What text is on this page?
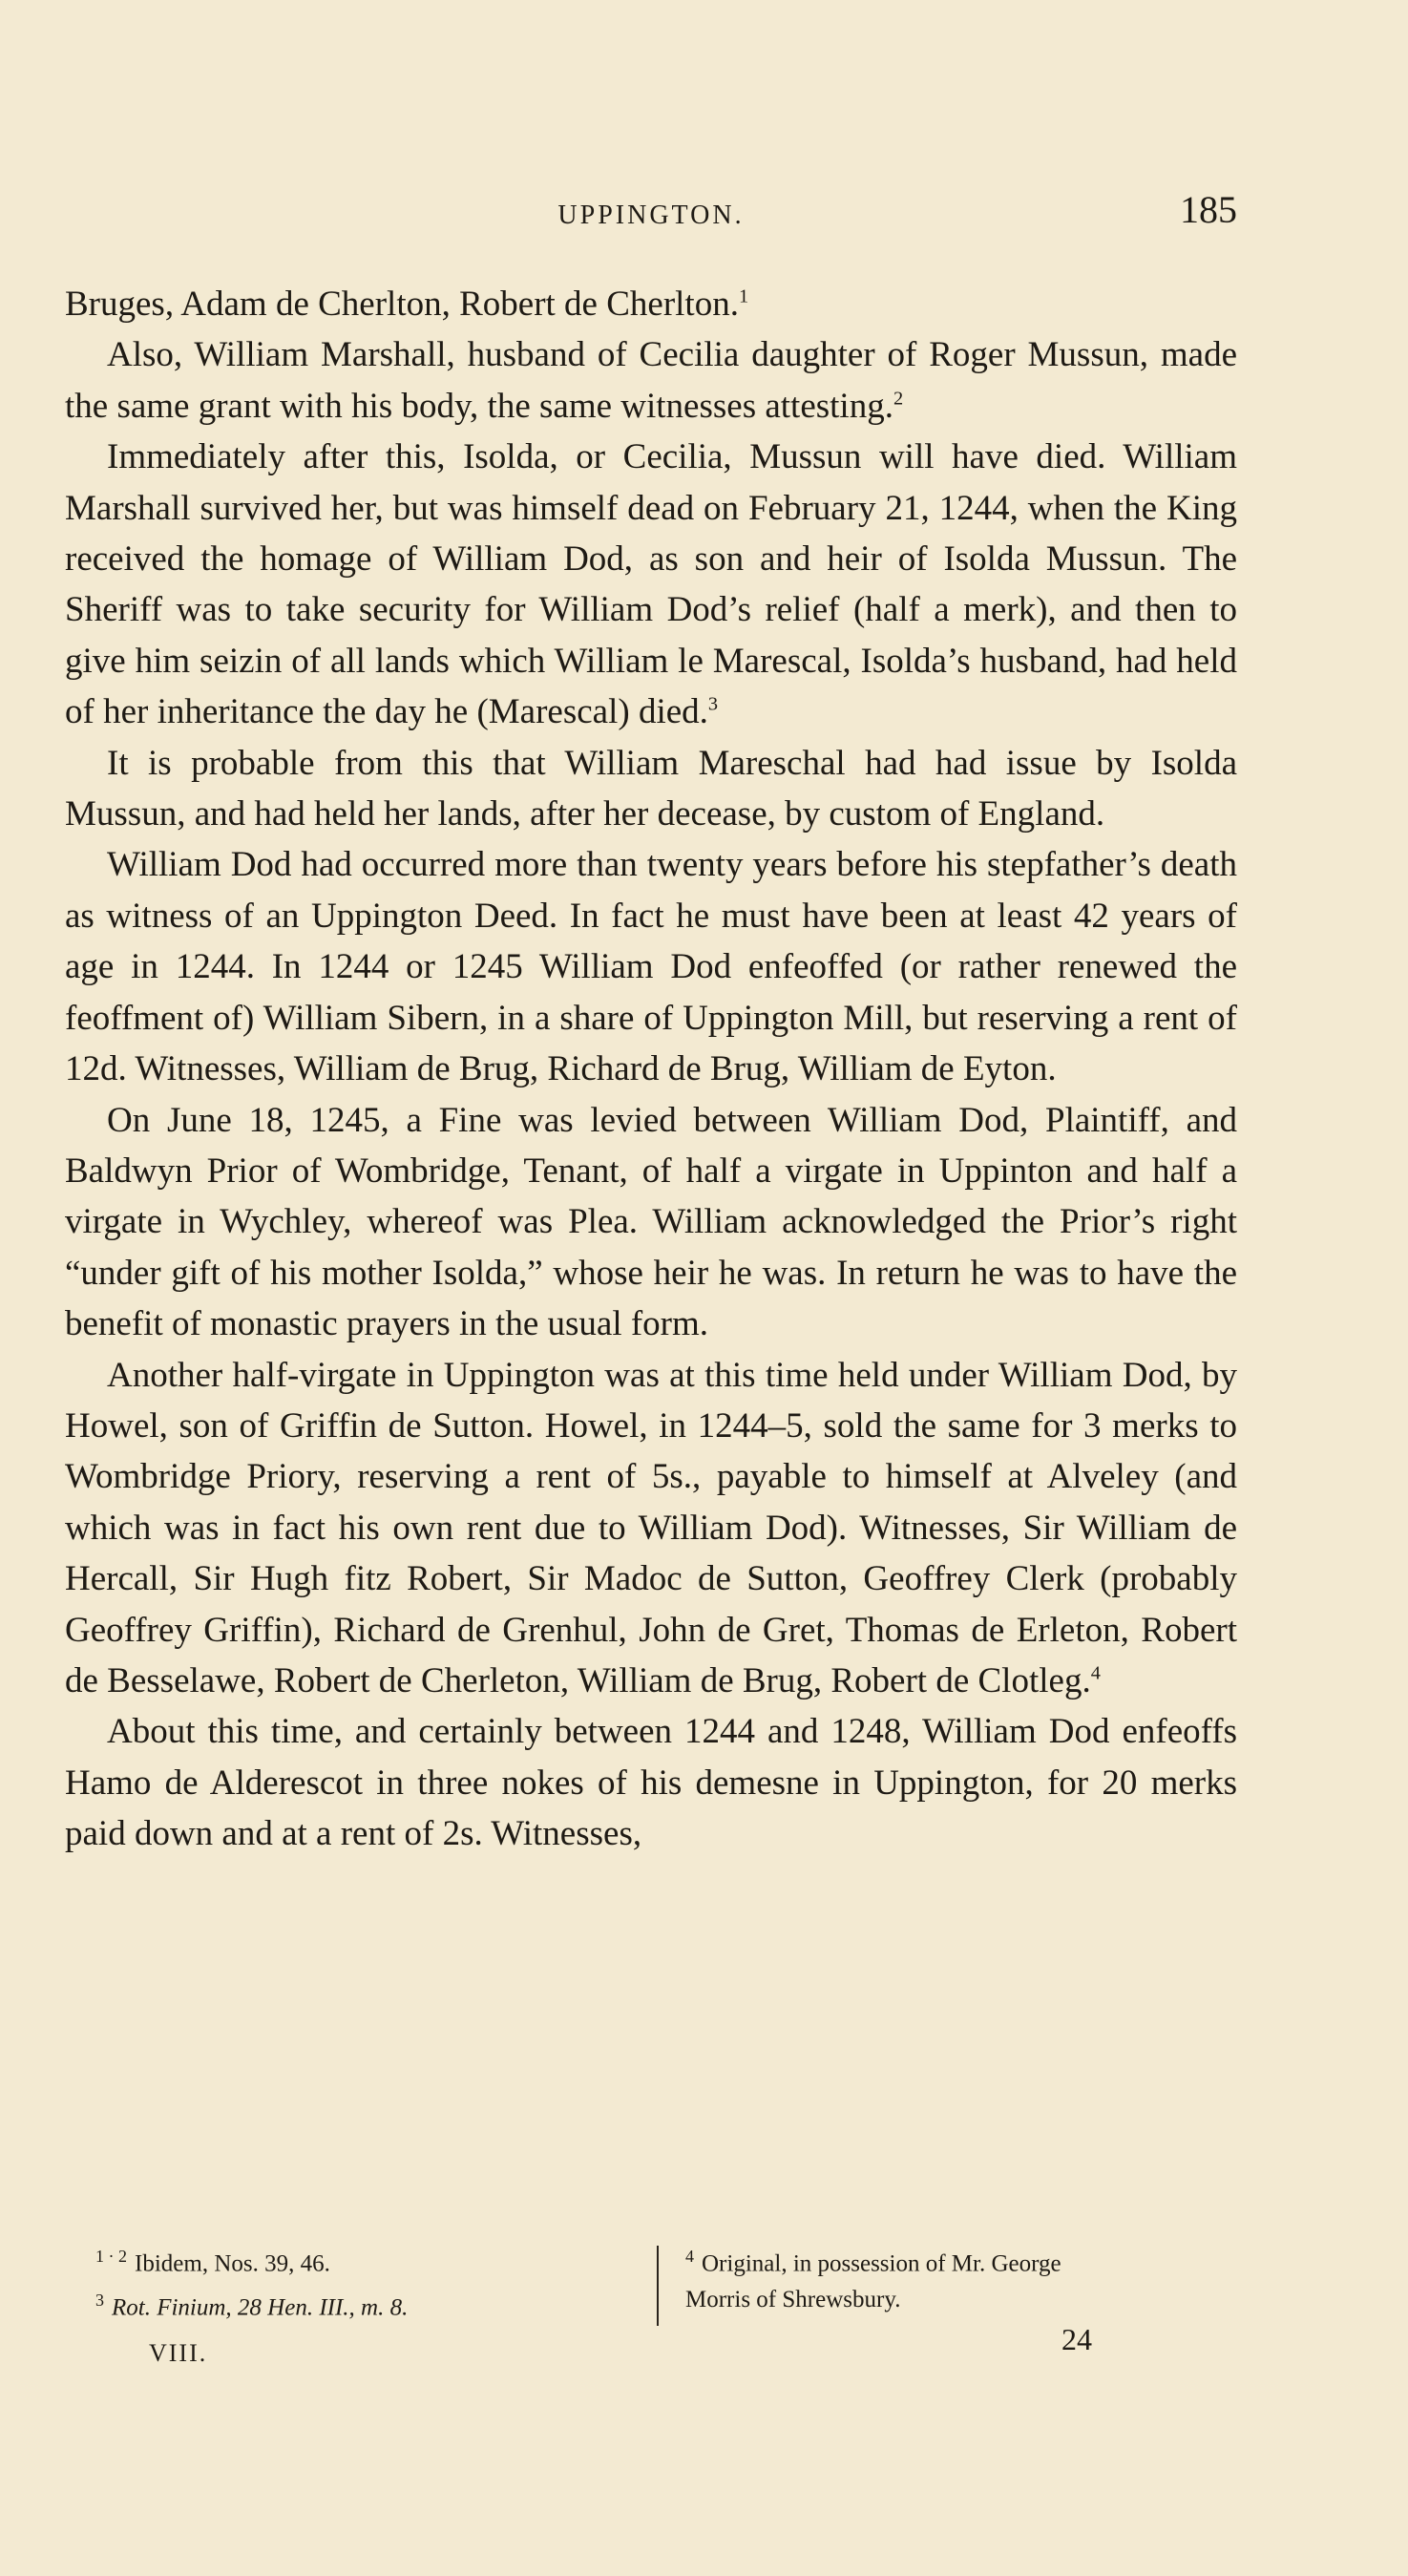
UPPINGTON.	185

Bruges, Adam de Cherlton, Robert de Cherlton.$^1$

Also, William Marshall, husband of Cecilia daughter of Roger Mussun, made the same grant with his body, the same witnesses attesting.$^2$

Immediately after this, Isolda, or Cecilia, Mussun will have died. William Marshall survived her, but was himself dead on February 21, 1244, when the King received the homage of William Dod, as son and heir of Isolda Mussun. The Sheriff was to take security for William Dod’s relief (half a merk), and then to give him seizin of all lands which William le Marescal, Isolda’s husband, had held of her inheritance the day he (Marescal) died.$^3$

It is probable from this that William Mareschal had had issue by Isolda Mussun, and had held her lands, after her decease, by custom of England.

William Dod had occurred more than twenty years before his stepfather’s death as witness of an Uppington Deed. In fact he must have been at least 42 years of age in 1244. In 1244 or 1245 William Dod enfeoffed (or rather renewed the feoffment of) William Sibern, in a share of Uppington Mill, but reserving a rent of 12d. Witnesses, William de Brug, Richard de Brug, William de Eyton.

On June 18, 1245, a Fine was levied between William Dod, Plaintiff, and Baldwyn Prior of Wombridge, Tenant, of half a virgate in Uppinton and half a virgate in Wychley, whereof was Plea. William acknowledged the Prior’s right “under gift of his mother Isolda,” whose heir he was. In return he was to have the benefit of monastic prayers in the usual form.

Another half-virgate in Uppington was at this time held under William Dod, by Howel, son of Griffin de Sutton. Howel, in 1244–5, sold the same for 3 merks to Wombridge Priory, reserving a rent of 5s., payable to himself at Alveley (and which was in fact his own rent due to William Dod). Witnesses, Sir William de Hercall, Sir Hugh fitz Robert, Sir Madoc de Sutton, Geoffrey Clerk (probably Geoffrey Griffin), Richard de Grenhul, John de Gret, Thomas de Erleton, Robert de Besselawe, Robert de Cherleton, William de Brug, Robert de Clotleg.$^4$

About this time, and certainly between 1244 and 1248, William Dod enfeoffs Hamo de Alderescot in three nokes of his demesne in Uppington, for 20 merks paid down and at a rent of 2s. Witnesses,

$^{1 \cdot 2}$ Ibidem, Nos. 39, 46.
$^3$ Rot. Finium, 28 Hen. III., m. 8.
$^4$ Original, in possession of Mr. George
Morris of Shrewsbury.
VIII.	24
